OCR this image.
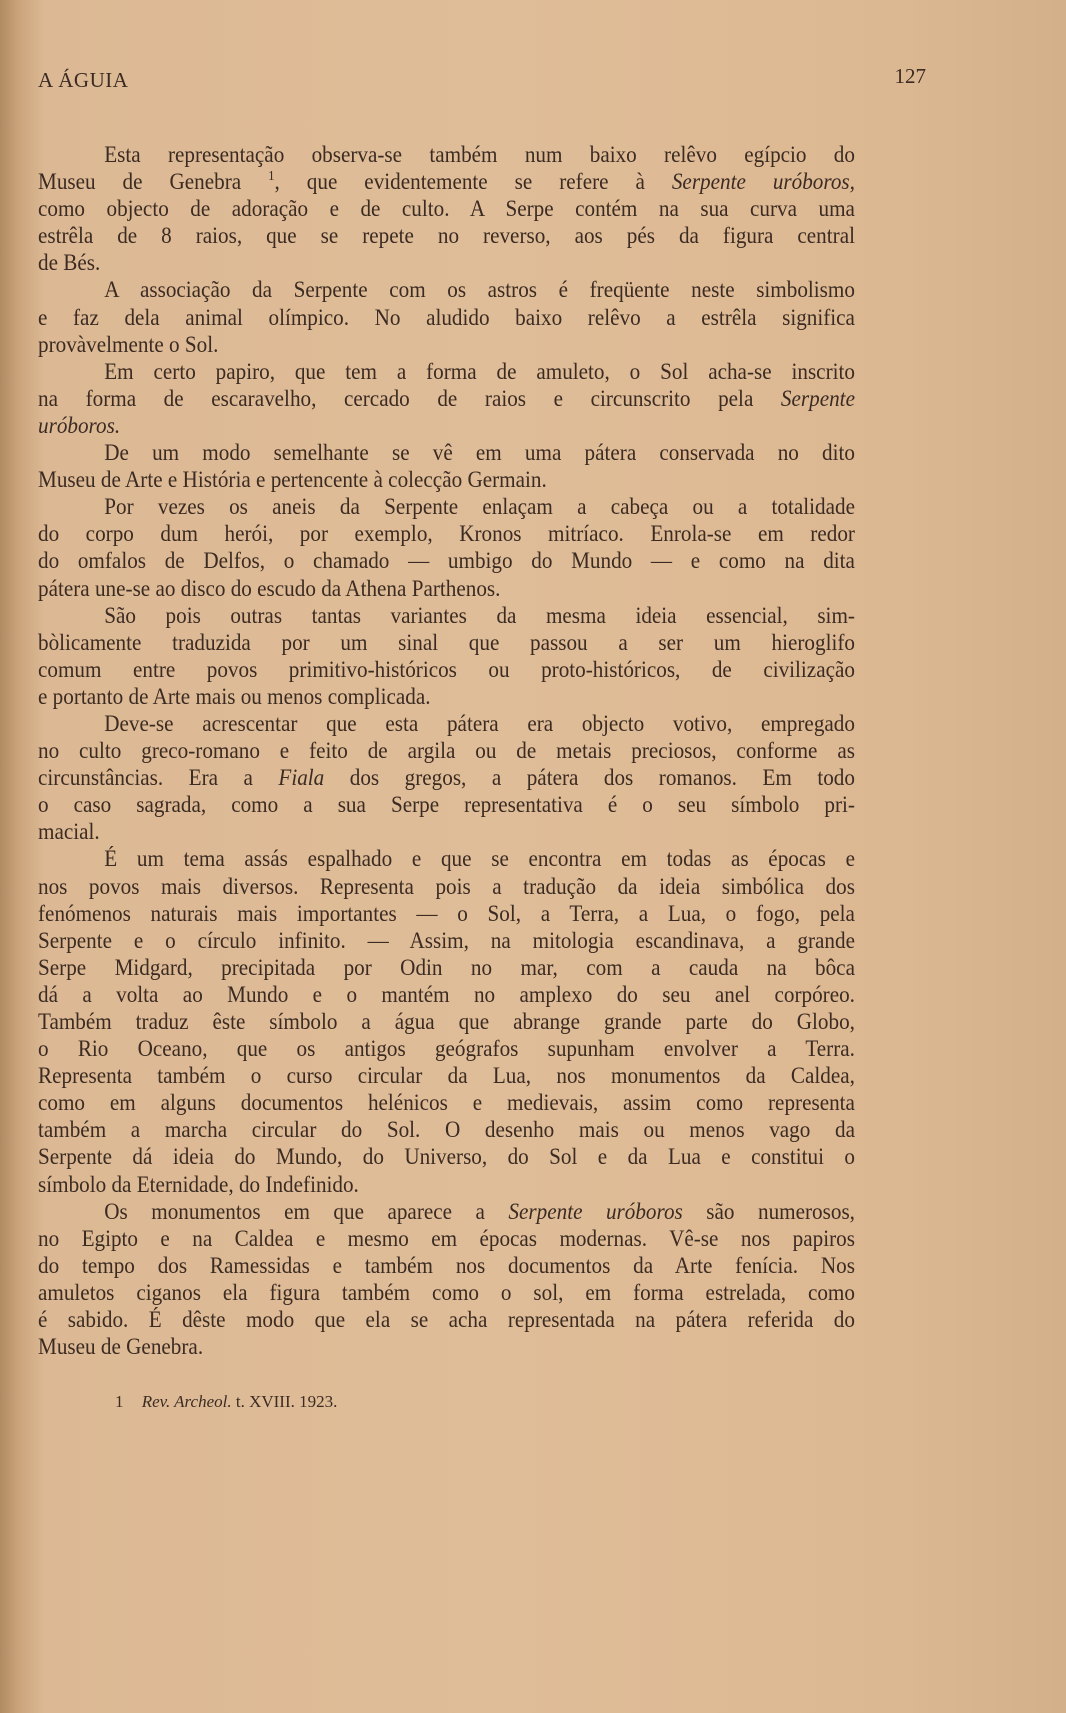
A ÁGUIA	127
Esta representação observa-se também num baixo relêvo egípcio do
Museu de Genebra $^1$, que evidentemente se refere à Serpente uróboros,
como objecto de adoração e de culto. A Serpe contém na sua curva uma
estrêla de 8 raios, que se repete no reverso, aos pés da figura central
de Bés.
A associação da Serpente com os astros é freqüente neste simbolismo
e faz dela animal olímpico. No aludido baixo relêvo a estrêla significa
provàvelmente o Sol.
Em certo papiro, que tem a forma de amuleto, o Sol acha-se inscrito
na forma de escaravelho, cercado de raios e circunscrito pela Serpente
uróboros.
De um modo semelhante se vê em uma pátera conservada no dito
Museu de Arte e História e pertencente à colecção Germain.
Por vezes os aneis da Serpente enlaçam a cabeça ou a totalidade
do corpo dum herói, por exemplo, Kronos mitríaco. Enrola-se em redor
do omfalos de Delfos, o chamado — umbigo do Mundo — e como na dita
pátera une-se ao disco do escudo da Athena Parthenos.
São pois outras tantas variantes da mesma ideia essencial, sim-
bòlicamente traduzida por um sinal que passou a ser um hieroglifo
comum entre povos primitivo-históricos ou proto-históricos, de civilização
e portanto de Arte mais ou menos complicada.
Deve-se acrescentar que esta pátera era objecto votivo, empregado
no culto greco-romano e feito de argila ou de metais preciosos, conforme as
circunstâncias. Era a Fiala dos gregos, a pátera dos romanos. Em todo
o caso sagrada, como a sua Serpe representativa é o seu símbolo pri-
macial.
É um tema assás espalhado e que se encontra em todas as épocas e
nos povos mais diversos. Representa pois a tradução da ideia simbólica dos
fenómenos naturais mais importantes — o Sol, a Terra, a Lua, o fogo, pela
Serpente e o círculo infinito. — Assim, na mitologia escandinava, a grande
Serpe Midgard, precipitada por Odin no mar, com a cauda na bôca
dá a volta ao Mundo e o mantém no amplexo do seu anel corpóreo.
Também traduz êste símbolo a água que abrange grande parte do Globo,
o Rio Oceano, que os antigos geógrafos supunham envolver a Terra.
Representa também o curso circular da Lua, nos monumentos da Caldea,
como em alguns documentos helénicos e medievais, assim como representa
também a marcha circular do Sol. O desenho mais ou menos vago da
Serpente dá ideia do Mundo, do Universo, do Sol e da Lua e constitui o
símbolo da Eternidade, do Indefinido.
Os monumentos em que aparece a Serpente uróboros são numerosos,
no Egipto e na Caldea e mesmo em épocas modernas. Vê-se nos papiros
do tempo dos Ramessidas e também nos documentos da Arte fenícia. Nos
amuletos ciganos ela figura também como o sol, em forma estrelada, como
é sabido. É dêste modo que ela se acha representada na pátera referida do
Museu de Genebra.
1 Rev. Archeol. t. XVIII. 1923.
